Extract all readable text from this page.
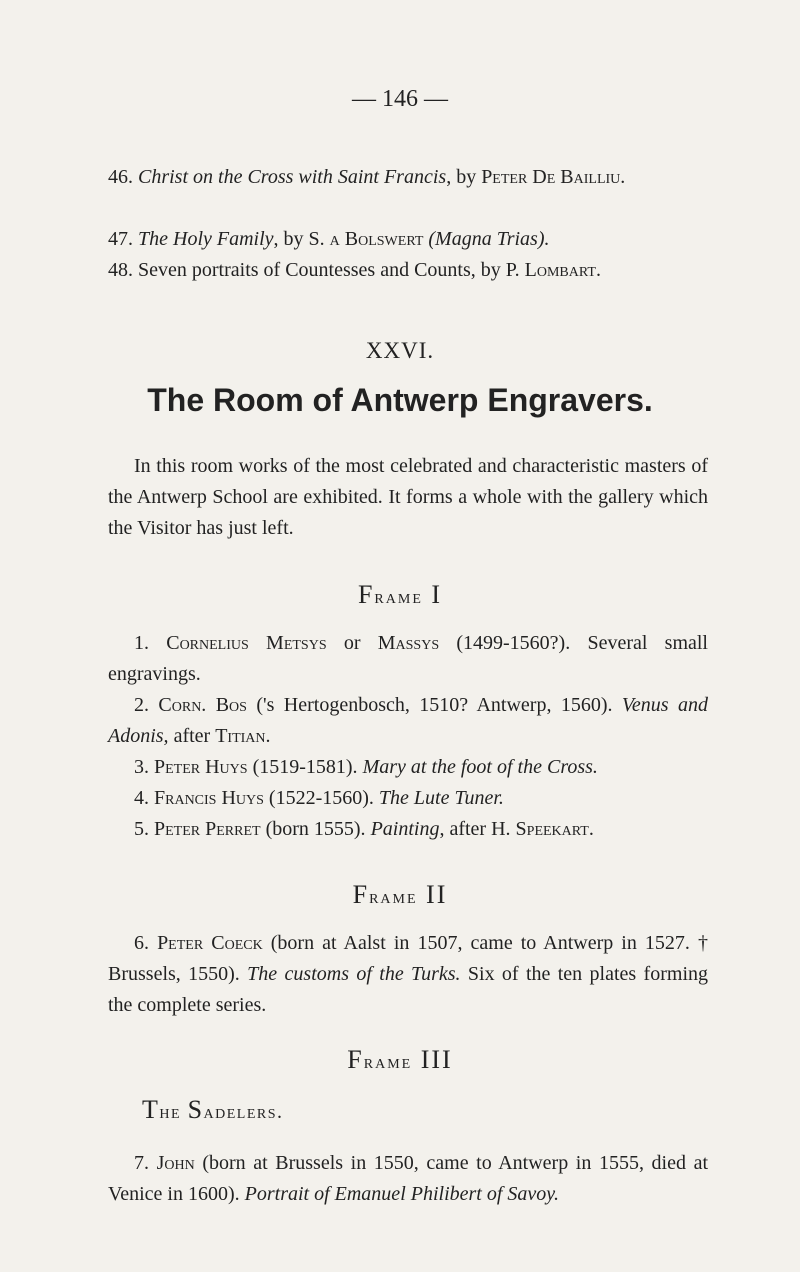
— 146 —
46. Christ on the Cross with Saint Francis, by Peter De Bailliu.
47. The Holy Family, by S. a Bolswert (Magna Trias).
48. Seven portraits of Countesses and Counts, by P. Lombart.
XXVI.
The Room of Antwerp Engravers.
In this room works of the most celebrated and characteristic masters of the Antwerp School are exhibited. It forms a whole with the gallery which the Visitor has just left.
Frame I
1. Cornelius Metsys or Massys (1499-1560?). Several small engravings.
2. Corn. Bos ('s Hertogenbosch, 1510? Antwerp, 1560). Venus and Adonis, after Titian.
3. Peter Huys (1519-1581). Mary at the foot of the Cross.
4. Francis Huys (1522-1560). The Lute Tuner.
5. Peter Perret (born 1555). Painting, after H. Speekart.
Frame II
6. Peter Coeck (born at Aalst in 1507, came to Antwerp in 1527. † Brussels, 1550). The customs of the Turks. Six of the ten plates forming the complete series.
Frame III
The Sadelers.
7. John (born at Brussels in 1550, came to Antwerp in 1555, died at Venice in 1600). Portrait of Emanuel Philibert of Savoy.
